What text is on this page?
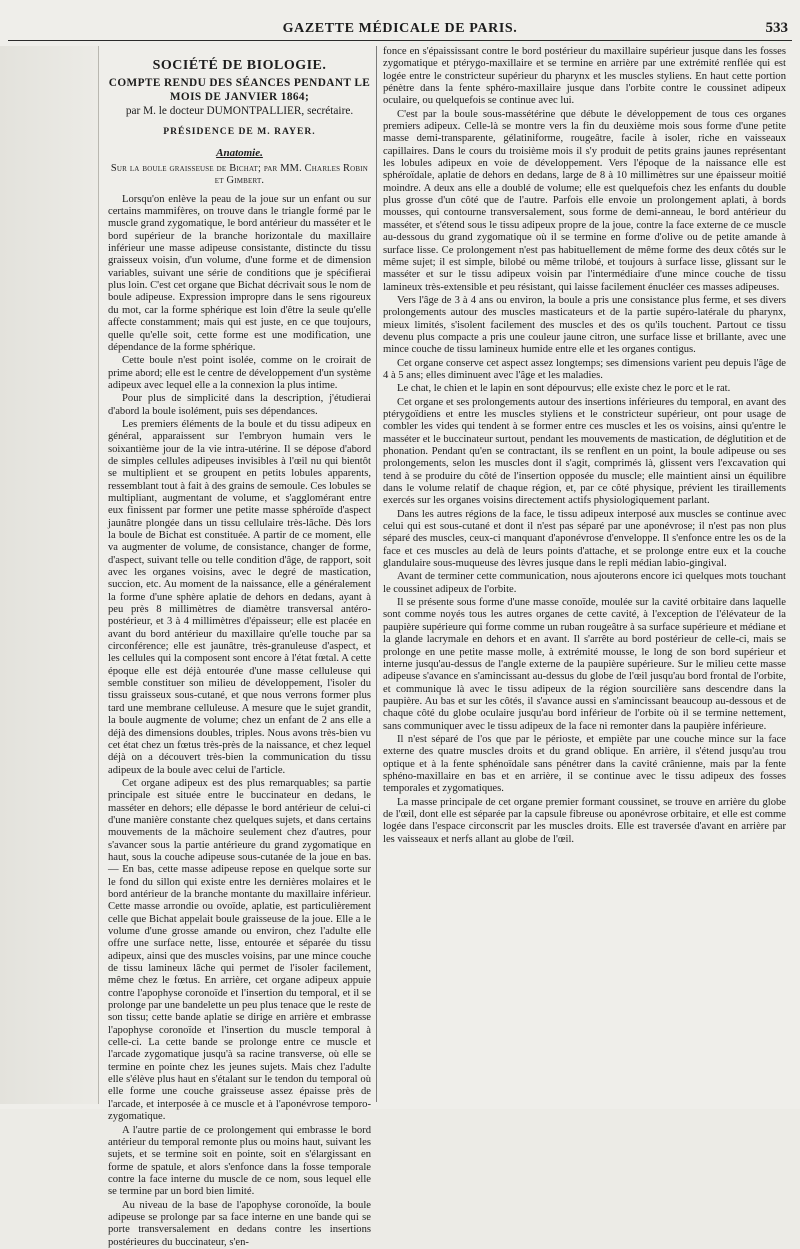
GAZETTE MÉDICALE DE PARIS.	533
SOCIÉTÉ DE BIOLOGIE.
COMPTE RENDU DES SÉANCES PENDANT LE MOIS DE JANVIER 1864;
par M. le docteur DUMONTPALLIER, secrétaire.
PRÉSIDENCE DE M. RAYER.
Anatomie.
Sur la boule graisseuse de Bichat; par MM. Charles Robin et Gimbert.

Lorsqu'on enlève la peau de la joue sur un enfant ou sur certains mammifères, on trouve dans le triangle formé par le muscle grand zygomatique, le bord antérieur du masséter et le bord supérieur de la branche horizontale du maxillaire inférieur une masse adipeuse consistante, distincte du tissu graisseux voisin, d'un volume, d'une forme et de dimension variables, suivant une série de conditions que je spécifierai plus loin. C'est cet organe que Bichat décrivait sous le nom de boule adipeuse. Expression impropre dans le sens rigoureux du mot, car la forme sphérique est loin d'être la seule qu'elle affecte constamment; mais qui est juste, en ce que toujours, quelle qu'elle soit, cette forme est une modification, une dépendance de la forme sphérique.

Cette boule n'est point isolée, comme on le croirait de prime abord; elle est le centre de développement d'un système adipeux avec lequel elle a la connexion la plus intime.

Pour plus de simplicité dans la description, j'étudierai d'abord la boule isolément, puis ses dépendances.

Les premiers éléments de la boule et du tissu adipeux en général, apparaissent sur l'embryon humain vers le soixantième jour de la vie intra-utérine. Il se dépose d'abord de simples cellules adipeuses invisibles à l'œil nu qui bientôt se multiplient et se groupent en petits lobules apparents, ressemblant tout à fait à des grains de semoule. Ces lobules se multipliant, augmentant de volume, et s'agglomérant entre eux finissent par former une petite masse sphéroïde d'aspect jaunâtre plongée dans un tissu cellulaire très-lâche. Dès lors la boule de Bichat est constituée. A partir de ce moment, elle va augmenter de volume, de consistance, changer de forme, d'aspect, suivant telle ou telle condition d'âge, de rapport, soit avec les organes voisins, avec le degré de mastication, succion, etc. Au moment de la naissance, elle a généralement la forme d'une sphère aplatie de dehors en dedans, ayant à peu près 8 millimètres de diamètre transversal antéro-postérieur, et 3 à 4 millimètres d'épaisseur; elle est placée en avant du bord antérieur du maxillaire qu'elle touche par sa circonférence; elle est jaunâtre, très-granuleuse d'aspect, et les cellules qui la composent sont encore à l'état fœtal. A cette époque elle est déjà entourée d'une masse celluleuse qui semble constituer son milieu de développement, l'isoler du tissu graisseux sous-cutané, et que nous verrons former plus tard une membrane celluleuse. A mesure que le sujet grandit, la boule augmente de volume; chez un enfant de 2 ans elle a déjà des dimensions doubles, triples. Nous avons très-bien vu cet état chez un fœtus très-près de la naissance, et chez lequel déjà on a découvert très-bien la communication du tissu adipeux de la boule avec celui de l'article.

Cet organe adipeux est des plus remarquables; sa partie principale est située entre le buccinateur en dedans, le masséter en dehors; elle dépasse le bord antérieur de celui-ci d'une manière constante chez quelques sujets, et dans certains mouvements de la mâchoire seulement chez d'autres, pour s'avancer sous la partie antérieure du grand zygomatique en haut, sous la couche adipeuse sous-cutanée de la joue en bas. — En bas, cette masse adipeuse repose en quelque sorte sur le fond du sillon qui existe entre les dernières molaires et le bord antérieur de la branche montante du maxillaire inférieur. Cette masse arrondie ou ovoïde, aplatie, est particulièrement celle que Bichat appelait boule graisseuse de la joue. Elle a le volume d'une grosse amande ou environ, chez l'adulte elle offre une surface nette, lisse, entourée et séparée du tissu adipeux, ainsi que des muscles voisins, par une mince couche de tissu lamineux lâche qui permet de l'isoler facilement, même chez le fœtus. En arrière, cet organe adipeux appuie contre l'apophyse coronoïde et l'insertion du temporal, et il se prolonge par une bandelette un peu plus tenace que le reste de son tissu; cette bande aplatie se dirige en arrière et embrasse l'apophyse coronoïde et l'insertion du muscle temporal à celle-ci. La cette bande se prolonge entre ce muscle et l'arcade zygomatique jusqu'à sa racine transverse, où elle se termine en pointe chez les jeunes sujets. Mais chez l'adulte elle s'élève plus haut en s'étalant sur le tendon du temporal où elle forme une couche graisseuse assez épaisse près de l'arcade, et interposée à ce muscle et à l'aponévrose temporo-zygomatique.

A l'autre partie de ce prolongement qui embrasse le bord antérieur du temporal remonte plus ou moins haut, suivant les sujets, et se termine soit en pointe, soit en s'élargissant en forme de spatule, et alors s'enfonce dans la fosse temporale contre la face interne du muscle de ce nom, sous lequel elle se termine par un bord bien limité.

Au niveau de la base de l'apophyse coronoïde, la boule adipeuse se prolonge par sa face interne en une bande qui se porte transversalement en dedans contre les insertions postérieures du buccinateur, s'en-

fonce en s'épaississant contre le bord postérieur du maxillaire supérieur jusque dans les fosses zygomatique et ptérygo-maxillaire et se termine en arrière par une extrémité renflée qui est logée entre le constricteur supérieur du pharynx et les muscles styliens. En haut cette portion pénètre dans la fente sphéro-maxillaire jusque dans l'orbite contre le coussinet adipeux oculaire, ou quelquefois se continue avec lui.

C'est par la boule sous-massétérine que débute le développement de tous ces organes premiers adipeux. Celle-là se montre vers la fin du deuxième mois sous forme d'une petite masse demi-transparente, gélatiniforme, rougeâtre, facile à isoler, riche en vaisseaux capillaires. Dans le cours du troisième mois il s'y produit de petits grains jaunes représentant les lobules adipeux en voie de développement. Vers l'époque de la naissance elle est sphéroïdale, aplatie de dehors en dedans, large de 8 à 10 millimètres sur une épaisseur moitié moindre. A deux ans elle a doublé de volume; elle est quelquefois chez les enfants du double plus grosse d'un côté que de l'autre. Parfois elle envoie un prolongement aplati, à bords mousses, qui contourne transversalement, sous forme de demi-anneau, le bord antérieur du masséter, et s'étend sous le tissu adipeux propre de la joue, contre la face externe de ce muscle au-dessous du grand zygomatique où il se termine en forme d'olive ou de petite amande à surface lisse. Ce prolongement n'est pas habituellement de même forme des deux côtés sur le même sujet; il est simple, bilobé ou même trilobé, et toujours à surface lisse, glissant sur le masséter et sur le tissu adipeux voisin par l'intermédiaire d'une mince couche de tissu lamineux très-extensible et peu résistant, qui laisse facilement énucléer ces masses adipeuses.

Vers l'âge de 3 à 4 ans ou environ, la boule a pris une consistance plus ferme, et ses divers prolongements autour des muscles masticateurs et de la partie supéro-latérale du pharynx, mieux limités, s'isolent facilement des muscles et des os qu'ils touchent. Partout ce tissu devenu plus compacte a pris une couleur jaune citron, une surface lisse et brillante, avec une mince couche de tissu lamineux humide entre elle et les organes contigus.

Cet organe conserve cet aspect assez longtemps; ses dimensions varient peu depuis l'âge de 4 à 5 ans; elles diminuent avec l'âge et les maladies.

Le chat, le chien et le lapin en sont dépourvus; elle existe chez le porc et le rat.

Cet organe et ses prolongements autour des insertions inférieures du temporal, en avant des ptérygoïdiens et entre les muscles styliens et le constricteur supérieur, ont pour usage de combler les vides qui tendent à se former entre ces muscles et les os voisins, ainsi qu'entre le masséter et le buccinateur surtout, pendant les mouvements de mastication, de déglutition et de phonation. Pendant qu'en se contractant, ils se renflent en un point, la boule adipeuse ou ses prolongements, selon les muscles dont il s'agit, comprimés là, glissent vers l'excavation qui tend à se produire du côté de l'insertion opposée du muscle; elle maintient ainsi un équilibre dans le volume relatif de chaque région, et, par ce côté physique, prévient les tiraillements exercés sur les organes voisins directement actifs physiologiquement parlant.

Dans les autres régions de la face, le tissu adipeux interposé aux muscles se continue avec celui qui est sous-cutané et dont il n'est pas séparé par une aponévrose; il n'est pas non plus séparé des muscles, ceux-ci manquant d'aponévrose d'enveloppe. Il s'enfonce entre les os de la face et ces muscles au delà de leurs points d'attache, et se prolonge entre eux et la couche glandulaire sous-muqueuse des lèvres jusque dans le repli médian labio-gingival.

Avant de terminer cette communication, nous ajouterons encore ici quelques mots touchant le coussinet adipeux de l'orbite.

Il se présente sous forme d'une masse conoïde, moulée sur la cavité orbitaire dans laquelle sont comme noyés tous les autres organes de cette cavité, à l'exception de l'élévateur de la paupière supérieure qui forme comme un ruban rougeâtre à sa surface supérieure et médiane et la glande lacrymale en dehors et en avant. Il s'arrête au bord postérieur de celle-ci, mais se prolonge en une petite masse molle, à extrémité mousse, le long de son bord supérieur et interne jusqu'au-dessus de l'angle externe de la paupière supérieure. Sur le milieu cette masse adipeuse s'avance en s'amincissant au-dessus du globe de l'œil jusqu'au bord frontal de l'orbite, et communique là avec le tissu adipeux de la région sourcilière sans descendre dans la paupière. Au bas et sur les côtés, il s'avance aussi en s'amincissant beaucoup au-dessous et de chaque côté du globe oculaire jusqu'au bord inférieur de l'orbite où il se termine nettement, sans communiquer avec le tissu adipeux de la face ni remonter dans la paupière inférieure.

Il n'est séparé de l'os que par le périoste, et empiète par une couche mince sur la face externe des quatre muscles droits et du grand oblique. En arrière, il s'étend jusqu'au trou optique et à la fente sphénoïdale sans pénétrer dans la cavité crânienne, mais par la fente sphéno-maxillaire en bas et en arrière, il se continue avec le tissu adipeux des fosses temporales et zygomatiques.

La masse principale de cet organe premier formant coussinet, se trouve en arrière du globe de l'œil, dont elle est séparée par la capsule fibreuse ou aponévrose orbitaire, et elle est comme logée dans l'espace circonscrit par les muscles droits. Elle est traversée d'avant en arrière par les vaisseaux et nerfs allant au globe de l'œil.
